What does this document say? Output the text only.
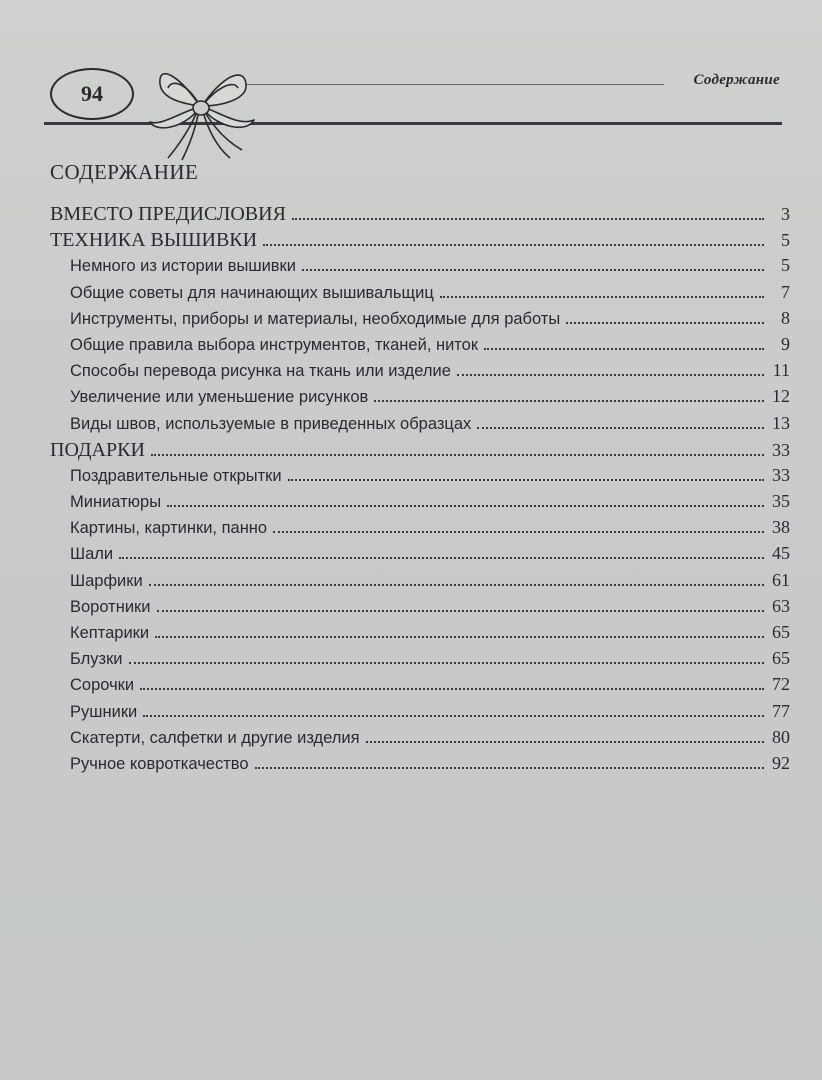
94
Содержание
СОДЕРЖАНИЕ
ВМЕСТО ПРЕДИСЛОВИЯ	3
ТЕХНИКА ВЫШИВКИ	5
Немного из истории вышивки	5
Общие советы для начинающих вышивальщиц	7
Инструменты, приборы и материалы, необходимые для работы	8
Общие правила выбора инструментов, тканей, ниток	9
Способы перевода рисунка на ткань или изделие	11
Увеличение или уменьшение рисунков	12
Виды швов, используемые в приведенных образцах	13
ПОДАРКИ	33
Поздравительные открытки	33
Миниатюры	35
Картины, картинки, панно	38
Шали	45
Шарфики	61
Воротники	63
Кептарики	65
Блузки	65
Сорочки	72
Рушники	77
Скатерти, салфетки и другие изделия	80
Ручное ковроткачество	92
